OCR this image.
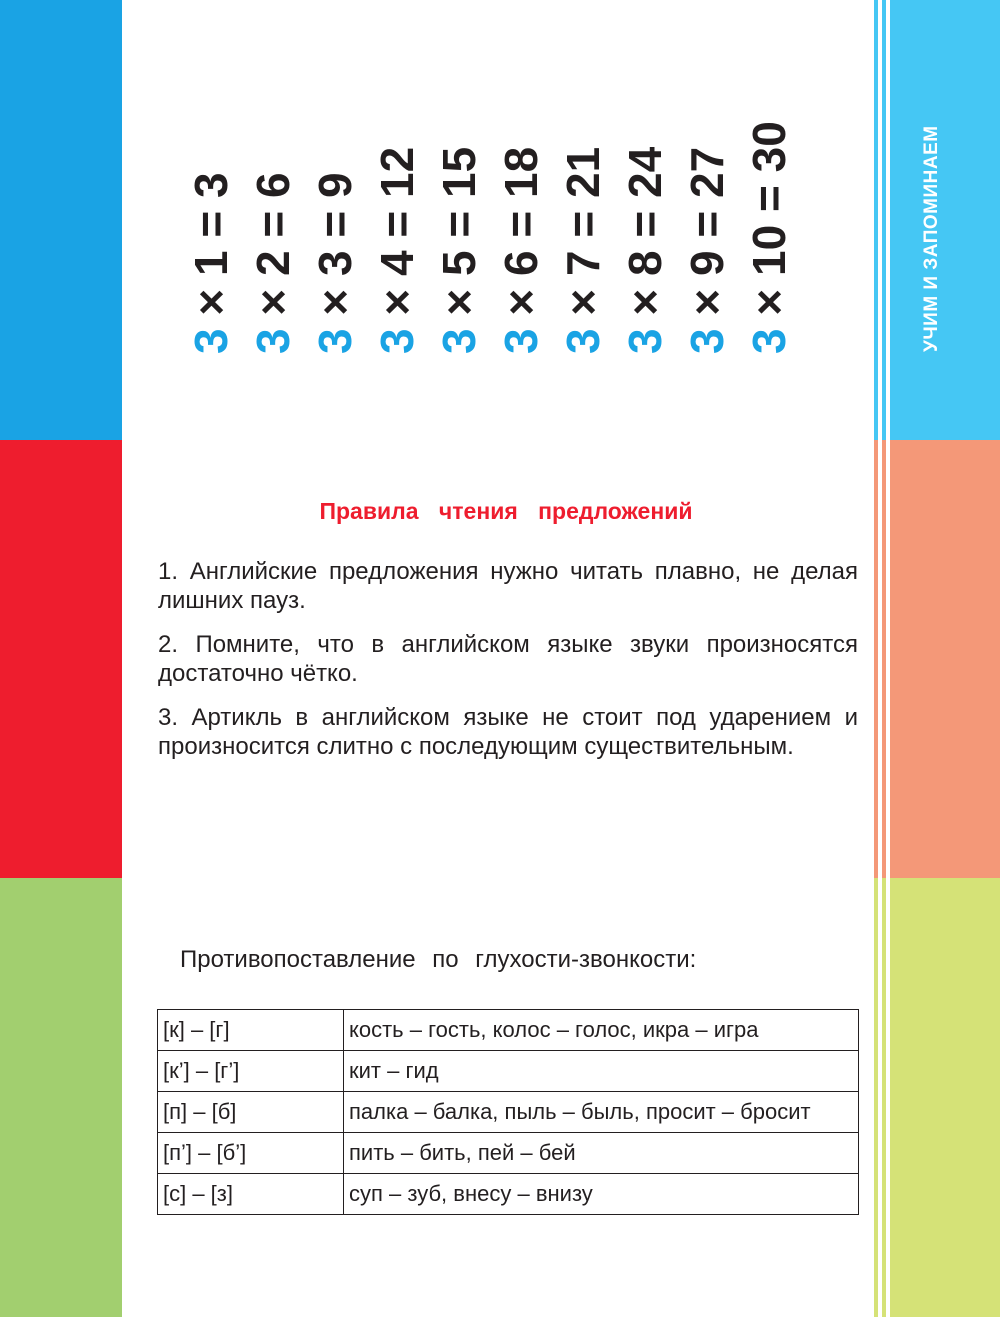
УЧИМ И ЗАПОМИНАЕМ
3 × 1 = 3
3 × 2 = 6
3 × 3 = 9
3 × 4 = 12
3 × 5 = 15
3 × 6 = 18
3 × 7 = 21
3 × 8 = 24
3 × 9 = 27
3 × 10 = 30
Правила чтения предложений

1. Английские предложения нужно читать плавно, не делая лишних пауз.

2. Помните, что в английском языке звуки произносятся достаточно чётко.

3. Артикль в английском языке не стоит под ударением и произносится слитно с последующим существительным.

Противопоставление по глухости-звонкости:
[к] – [г]	кость – гость, колос – голос, икра – игра
[к’] – [г’]	кит – гид
[п] – [б]	палка – балка, пыль – быль, просит – бросит
[п’] – [б’]	пить – бить, пей – бей
[с] – [з]	суп – зуб, внесу – внизу
